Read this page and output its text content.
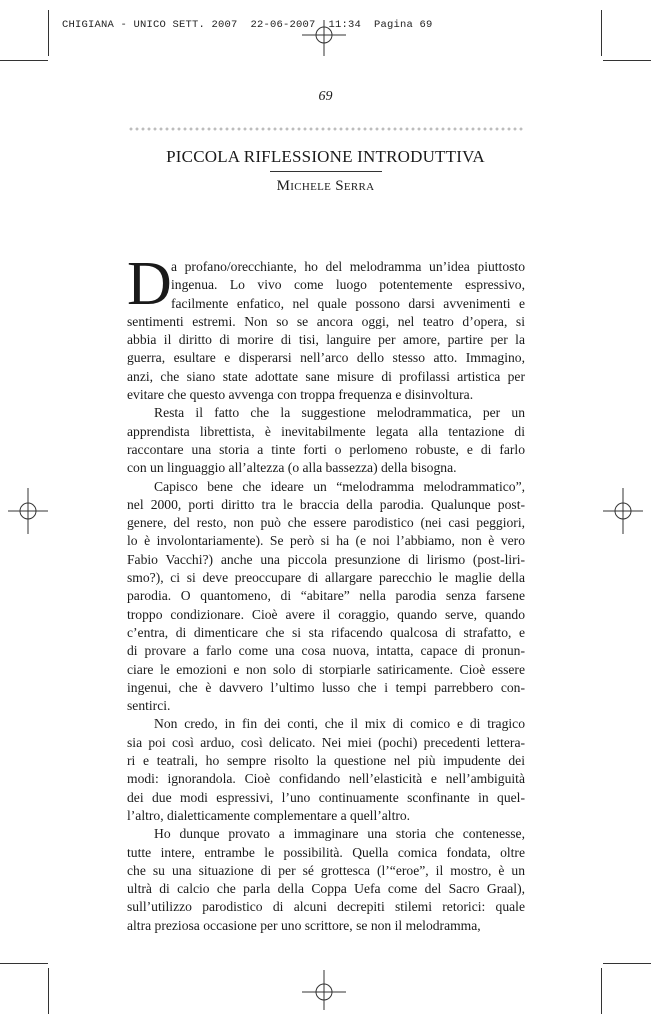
CHIGIANA - UNICO SETT. 2007  22-06-2007  11:34  Pagina 69
69
PICCOLA RIFLESSIONE INTRODUTTIVA
Michele Serra
D a profano/orecchiante, ho del melodramma un’idea piuttosto
ingenua. Lo vivo come luogo potentemente espressivo,
facilmente enfatico, nel quale possono darsi avvenimenti e
sentimenti estremi. Non so se ancora oggi, nel teatro d’opera, si
abbia il diritto di morire di tisi, languire per amore, partire per la
guerra, esultare e disperarsi nell’arco dello stesso atto. Immagino,
anzi, che siano state adottate sane misure di profilassi artistica per
evitare che questo avvenga con troppa frequenza e disinvoltura.
Resta il fatto che la suggestione melodrammatica, per un
apprendista librettista, è inevitabilmente legata alla tentazione di
raccontare una storia a tinte forti o perlomeno robuste, e di farlo
con un linguaggio all’altezza (o alla bassezza) della bisogna.
Capisco bene che ideare un “melodramma melodrammatico”,
nel 2000, porti diritto tra le braccia della parodia. Qualunque post-
genere, del resto, non può che essere parodistico (nei casi peggiori,
lo è involontariamente). Se però si ha (e noi l’abbiamo, non è vero
Fabio Vacchi?) anche una piccola presunzione di lirismo (post-liri-
smo?), ci si deve preoccupare di allargare parecchio le maglie della
parodia. O quantomeno, di “abitare” nella parodia senza farsene
troppo condizionare. Cioè avere il coraggio, quando serve, quando
c’entra, di dimenticare che si sta rifacendo qualcosa di strafatto, e
di provare a farlo come una cosa nuova, intatta, capace di pronun-
ciare le emozioni e non solo di storpiarle satiricamente. Cioè essere
ingenui, che è davvero l’ultimo lusso che i tempi parrebbero con-
sentirci.
Non credo, in fin dei conti, che il mix di comico e di tragico
sia poi così arduo, così delicato. Nei miei (pochi) precedenti lettera-
ri e teatrali, ho sempre risolto la questione nel più impudente dei
modi: ignorandola. Cioè confidando nell’elasticità e nell’ambiguità
dei due modi espressivi, l’uno continuamente sconfinante in quel-
l’altro, dialetticamente complementare a quell’altro.
Ho dunque provato a immaginare una storia che contenesse,
tutte intere, entrambe le possibilità. Quella comica fondata, oltre
che su una situazione di per sé grottesca (l’“eroe”, il mostro, è un
ultrà di calcio che parla della Coppa Uefa come del Sacro Graal),
sull’utilizzo parodistico di alcuni decrepiti stilemi retorici: quale
altra preziosa occasione per uno scrittore, se non il melodramma,
